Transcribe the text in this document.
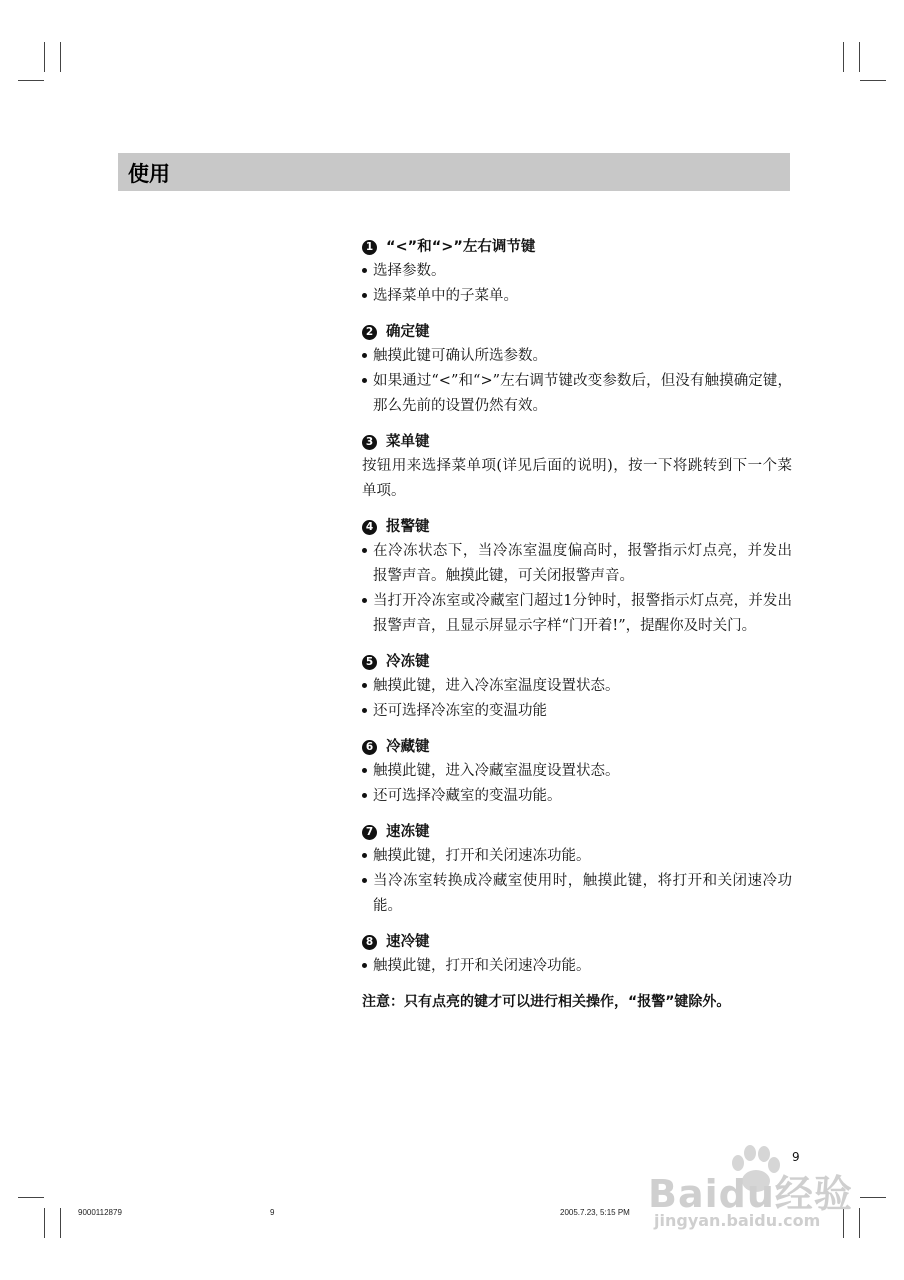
使用
1 “<”和“>”左右调节键
选择参数。
选择菜单中的子菜单。
2 确定键
触摸此键可确认所选参数。
如果通过“<”和“>”左右调节键改变参数后，但没有触摸确定键，那么先前的设置仍然有效。
3 菜单键
按钮用来选择菜单项(详见后面的说明)，按一下将跳转到下一个菜单项。
4 报警键
在冷冻状态下，当冷冻室温度偏高时，报警指示灯点亮，并发出报警声音。触摸此键，可关闭报警声音。
当打开冷冻室或冷藏室门超过1分钟时，报警指示灯点亮，并发出报警声音，且显示屏显示字样“门开着!”，提醒你及时关门。
5 冷冻键
触摸此键，进入冷冻室温度设置状态。
还可选择冷冻室的变温功能
6 冷藏键
触摸此键，进入冷藏室温度设置状态。
还可选择冷藏室的变温功能。
7 速冻键
触摸此键，打开和关闭速冻功能。
当冷冻室转换成冷藏室使用时，触摸此键，将打开和关闭速冷功能。
8 速冷键
触摸此键，打开和关闭速冷功能。
注意：只有点亮的键才可以进行相关操作，“报警”键除外。
9
9000112879	9	2005.7.23, 5:15 PM Baidu经验
jingyan.baidu.com
